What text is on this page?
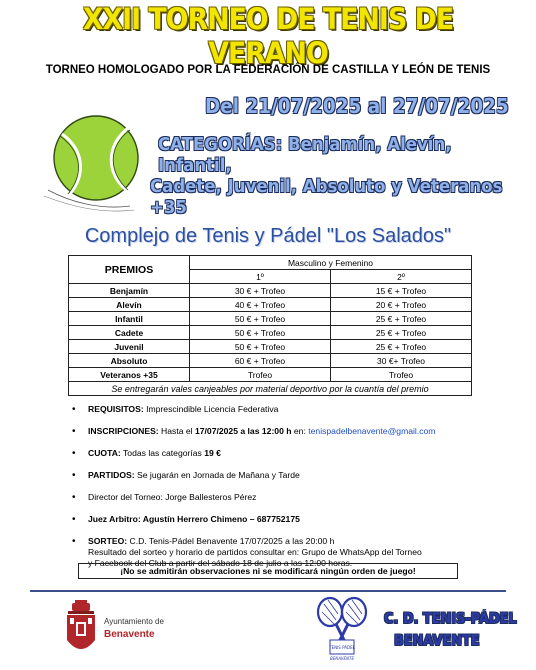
XXII TORNEO DE TENIS DE VERANO
TORNEO HOMOLOGADO POR LA FEDERACIÓN DE CASTILLA Y LEÓN DE TENIS
Del 21/07/2025 al 27/07/2025
CATEGORÍAS: Benjamín, Alevín, Infantil,
Cadete, Juvenil, Absoluto y Veteranos +35
Complejo de Tenis y Pádel "Los Salados"
PREMIOS	Masculino y Femenino	
	1º	2º
Benjamín	30 € + Trofeo	15 € + Trofeo
Alevín	40 € + Trofeo	20 € + Trofeo
Infantil	50 € + Trofeo	25 € + Trofeo
Cadete	50 € + Trofeo	25 € + Trofeo
Juvenil	50 € + Trofeo	25 € + Trofeo
Absoluto	60 € + Trofeo	30 €+ Trofeo
Veteranos +35	Trofeo	Trofeo
Se entregarán vales canjeables por material deportivo por la cuantía del premio		
• REQUISITOS: Imprescindible Licencia Federativa
• INSCRIPCIONES: Hasta el 17/07/2025 a las 12:00 h en: tenispadelbenavente@gmail.com
• CUOTA: Todas las categorías 19 €
• PARTIDOS: Se jugarán en Jornada de Mañana y Tarde
• Director del Torneo: Jorge Ballesteros Pérez
• Juez Arbitro: Agustín Herrero Chimeno – 687752175
• SORTEO: C.D. Tenis-Pádel Benavente 17/07/2025 a las 20:00 h
Resultado del sorteo y horario de partidos consultar en: Grupo de WhatsApp del Torneo
y Facebook del Club a partir del sábado 18 de julio a las 12:00 horas.
¡No se admitirán observaciones ni se modificará ningún orden de juego!
Ayuntamiento de
Benavente
TENIS PÁDEL
BENAVENTE
C. D. TENIS-PÁDEL
BENAVENTE
